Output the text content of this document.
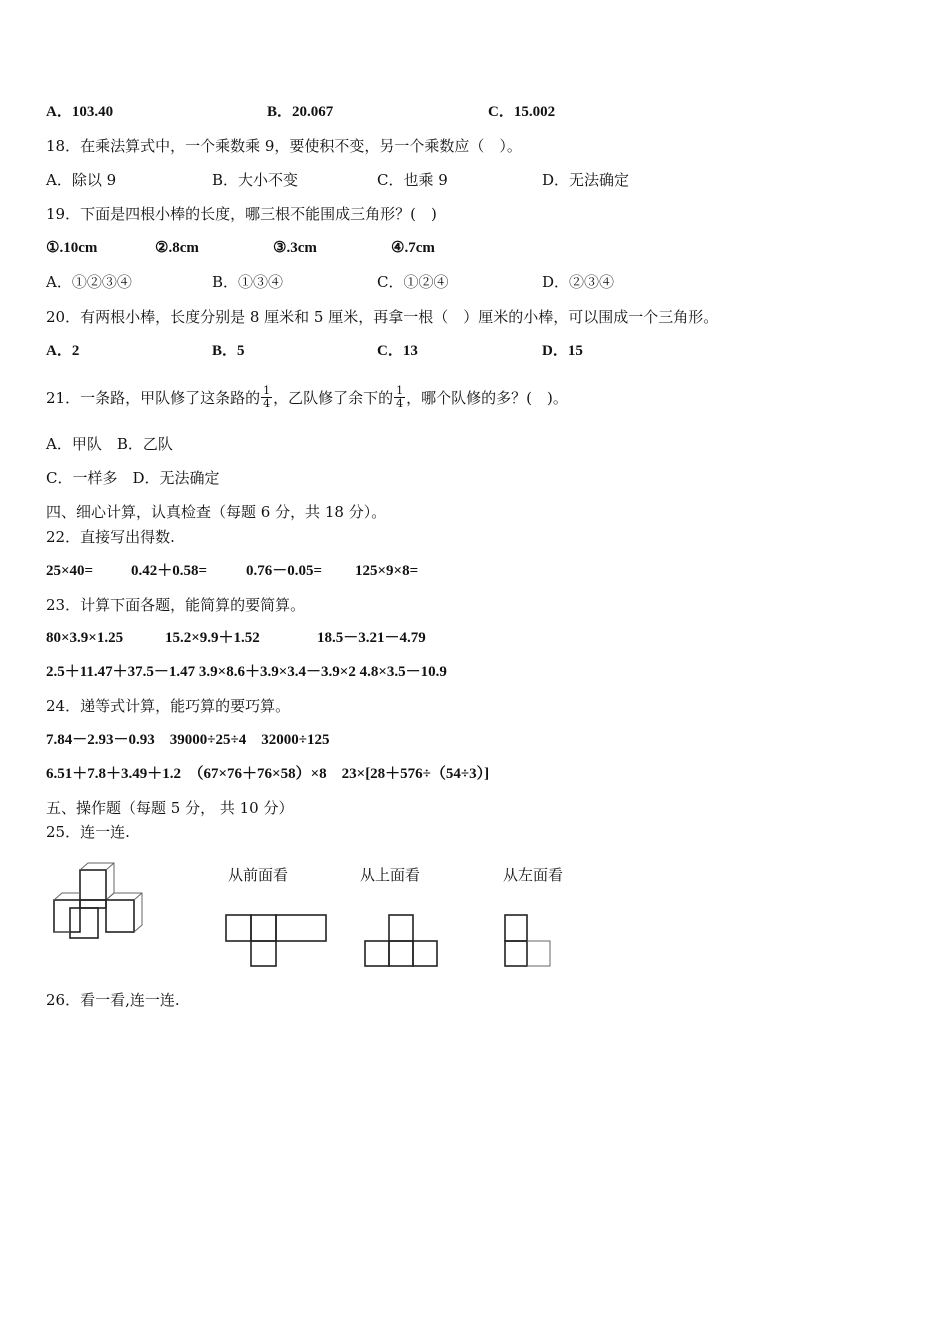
A．103.40	B．20.067	C．15.002
18．在乘法算式中，一个乘数乘 9，要使积不变，另一个乘数应（　）。
A．除以 9	B．大小不变	C．也乘 9	D．无法确定
19．下面是四根小棒的长度，哪三根不能围成三角形？(　)
①.10cm	②.8cm	③.3cm	④.7cm
A．①②③④	B．①③④	C．①②④	D．②③④
20．有两根小棒，长度分别是 8 厘米和 5 厘米，再拿一根（　）厘米的小棒，可以围成一个三角形。
A．2	B．5	C．13	D．15
21．一条路，甲队修了这条路的 $\frac{1}{4}$ ，乙队修了余下的 $\frac{1}{4}$ ，哪个队修的多？(　)。
A．甲队　B．乙队
C．一样多　D．无法确定
四、细心计算，认真检查（每题 6 分，共 18 分）。
22．直接写出得数.
25×40=	0.42＋0.58=	0.76－0.05= 125×9×8=
23．计算下面各题，能简算的要简算。
80×3.9×1.25	15.2×9.9＋1.52	18.5－3.21－4.79
2.5＋11.47＋37.5－1.47 3.9×8.6＋3.9×3.4－3.9×2 4.8×3.5－10.9
24．递等式计算，能巧算的要巧算。
7.84－2.93－0.93　39000÷25÷4　32000÷125
6.51＋7.8＋3.49＋1.2　（67×76＋76×58）×8　23×[28＋576÷（54÷3）]
五、操作题（每题 5 分， 共 10 分）
25．连一连.
从前面看	从上面看	从左面看
26．看一看,连一连.
